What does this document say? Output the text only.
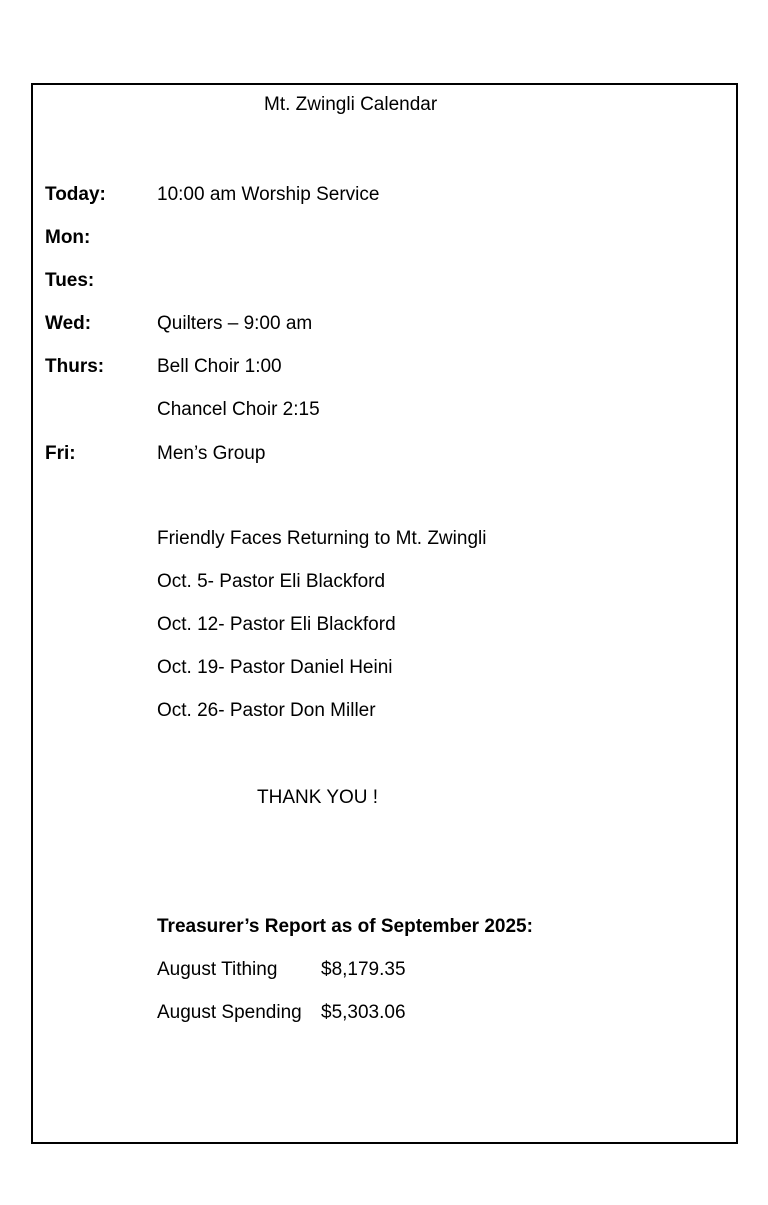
Mt. Zwingli Calendar
Today:	10:00 am Worship Service
Mon:
Tues:
Wed:	Quilters – 9:00 am
Thurs:	Bell Choir 1:00
Chancel Choir 2:15
Fri:	Men’s Group
Friendly Faces Returning to Mt. Zwingli
Oct. 5- Pastor Eli Blackford
Oct. 12- Pastor Eli Blackford
Oct. 19- Pastor Daniel Heini
Oct. 26- Pastor Don Miller
THANK YOU !
Treasurer’s Report as of September 2025:
August Tithing $8,179.35
August Spending $5,303.06
